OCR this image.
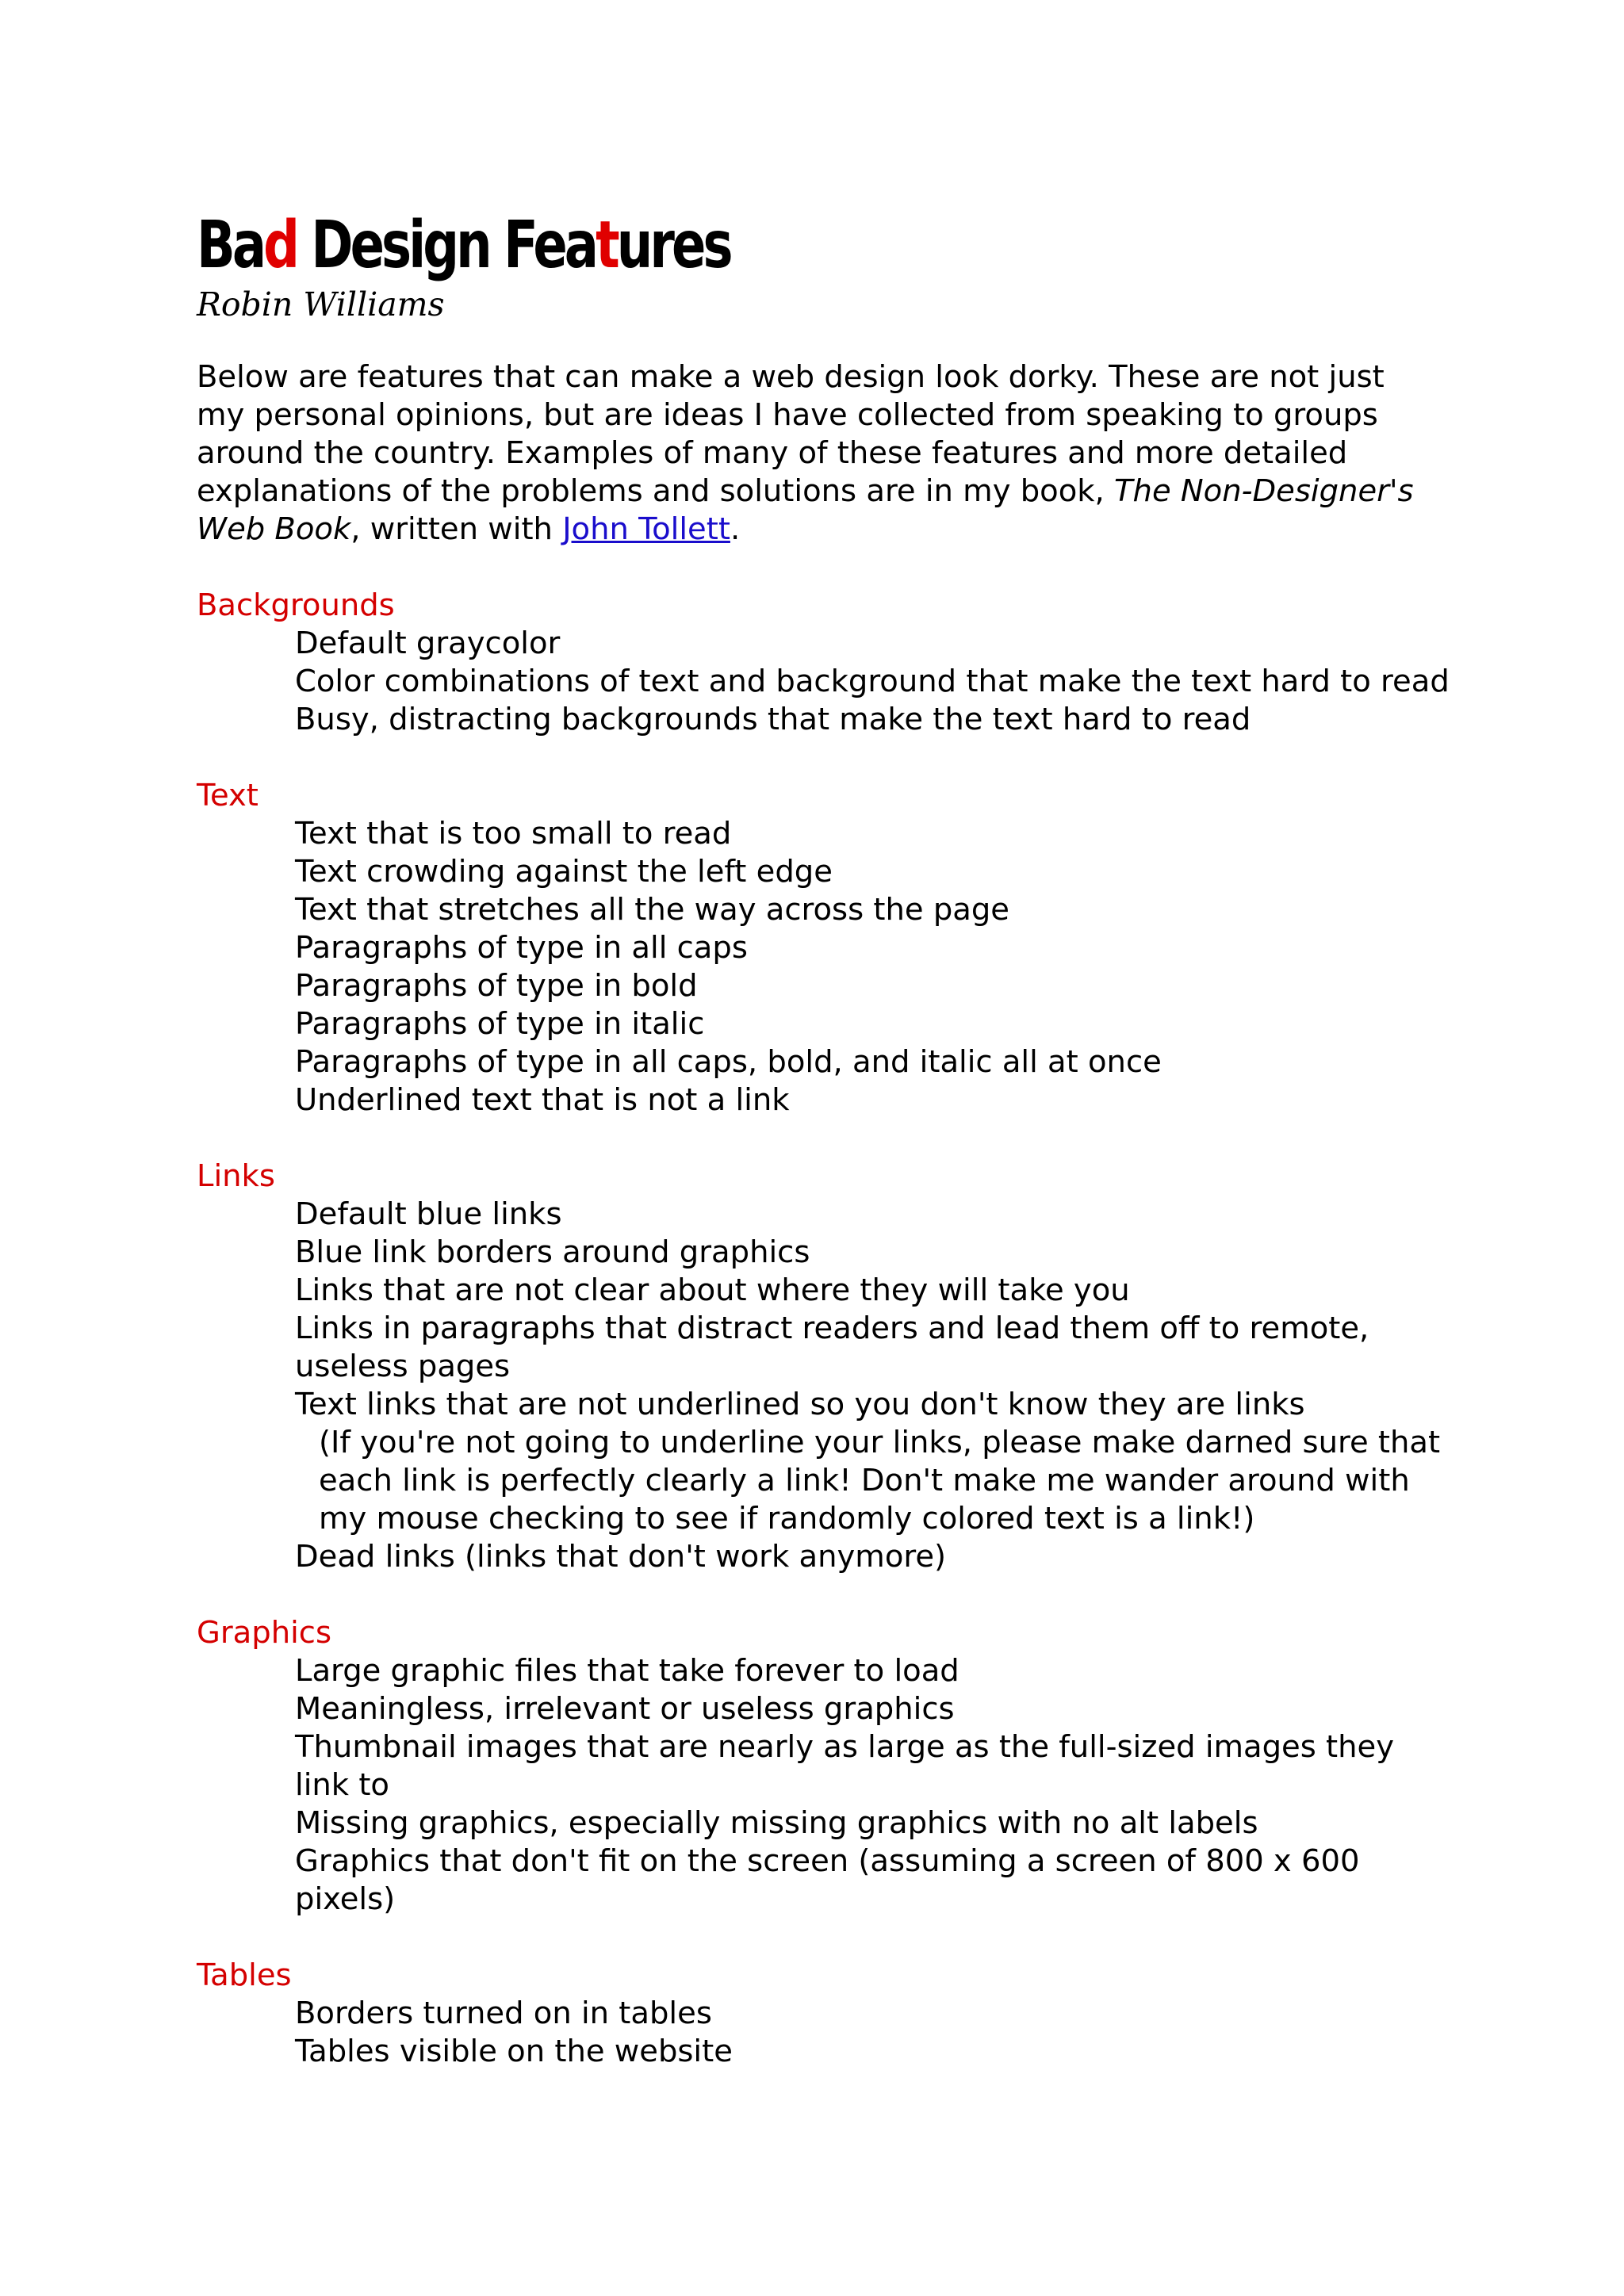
Bad Design Features
Robin Williams

Below are features that can make a web design look dorky. These are not just my personal opinions, but are ideas I have collected from speaking to groups around the country. Examples of many of these features and more detailed explanations of the problems and solutions are in my book, The Non-Designer's Web Book, written with John Tollett.

Backgrounds
Default graycolor
Color combinations of text and background that make the text hard to read
Busy, distracting backgrounds that make the text hard to read
Text
Text that is too small to read
Text crowding against the left edge
Text that stretches all the way across the page
Paragraphs of type in all caps
Paragraphs of type in bold
Paragraphs of type in italic
Paragraphs of type in all caps, bold, and italic all at once
Underlined text that is not a link
Links
Default blue links
Blue link borders around graphics
Links that are not clear about where they will take you
Links in paragraphs that distract readers and lead them off to remote, useless pages
Text links that are not underlined so you don't know they are links
(If you're not going to underline your links, please make darned sure that each link is perfectly clearly a link! Don't make me wander around with my mouse checking to see if randomly colored text is a link!)
Dead links (links that don't work anymore)
Graphics
Large graphic files that take forever to load
Meaningless, irrelevant or useless graphics
Thumbnail images that are nearly as large as the full-sized images they link to
Missing graphics, especially missing graphics with no alt labels
Graphics that don't fit on the screen (assuming a screen of 800 x 600 pixels)
Tables
Borders turned on in tables
Tables visible on the website
